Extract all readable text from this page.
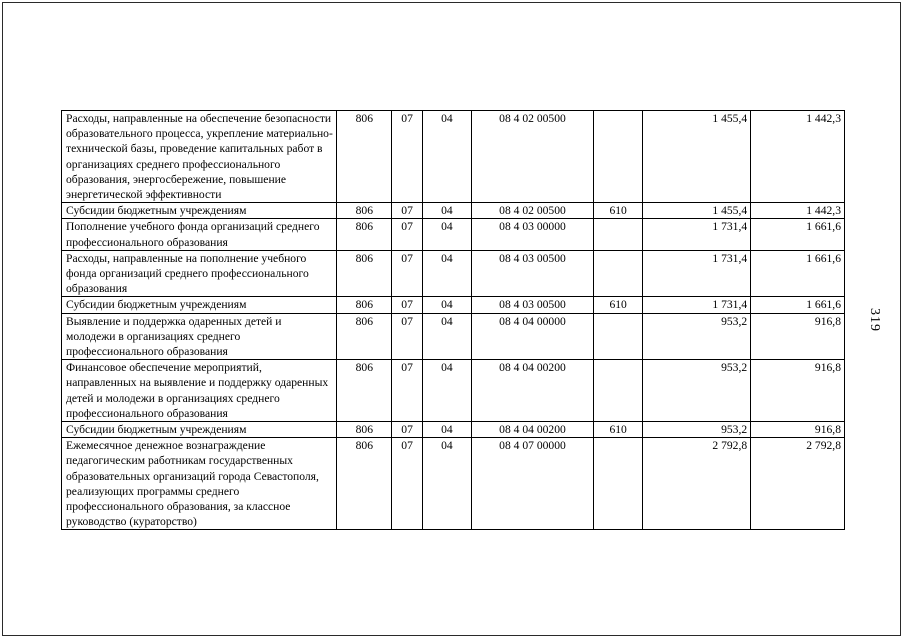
Расходы, направленные на обеспечение безопасности образовательного процесса, укрепление материально-технической базы, проведение капитальных работ в организациях среднего профессионального образования, энергосбережение, повышение энергетической эффективности	806	07	04	08 4 02 00500		1 455,4	1 442,3
Субсидии бюджетным учреждениям	806	07	04	08 4 02 00500	610	1 455,4	1 442,3
Пополнение учебного фонда организаций среднего профессионального образования	806	07	04	08 4 03 00000		1 731,4	1 661,6
Расходы, направленные на пополнение учебного фонда организаций среднего профессионального образования	806	07	04	08 4 03 00500		1 731,4	1 661,6
Субсидии бюджетным учреждениям	806	07	04	08 4 03 00500	610	1 731,4	1 661,6
Выявление и поддержка одаренных детей и молодежи в организациях среднего профессионального образования	806	07	04	08 4 04 00000		953,2	916,8
Финансовое обеспечение мероприятий, направленных на выявление и поддержку одаренных детей и молодежи в организациях среднего профессионального образования	806	07	04	08 4 04 00200		953,2	916,8
Субсидии бюджетным учреждениям	806	07	04	08 4 04 00200	610	953,2	916,8
Ежемесячное денежное вознаграждение педагогическим работникам государственных образовательных организаций города Севастополя, реализующих программы среднего профессионального образования, за классное руководство (кураторство)	806	07	04	08 4 07 00000		2 792,8	2 792,8
319
